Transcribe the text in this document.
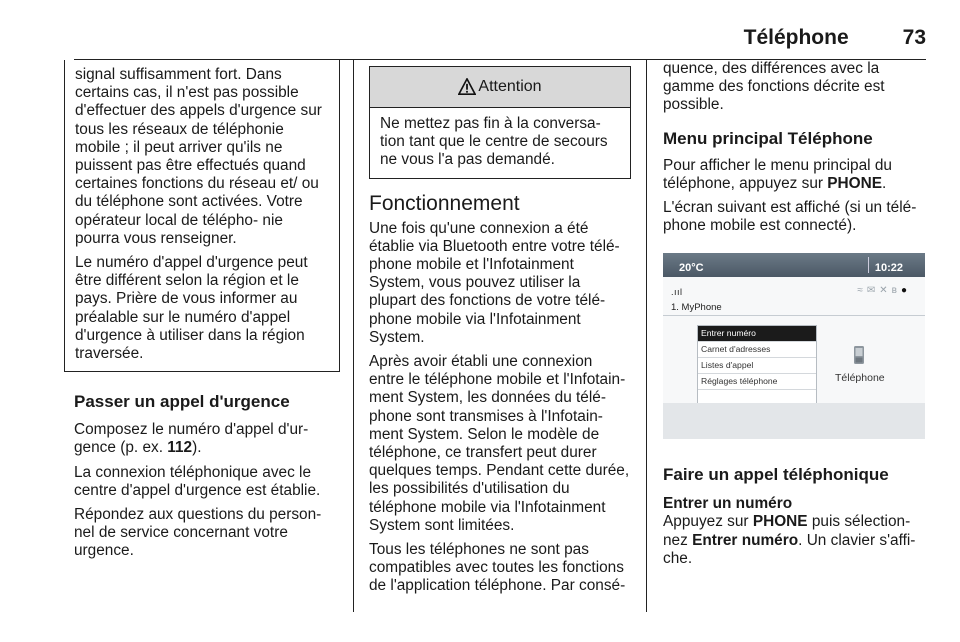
Téléphone	73

signal suffisamment fort. Dans certains cas, il n'est pas possible d'effectuer des appels d'urgence sur tous les réseaux de téléphonie mobile ; il peut arriver qu'ils ne puissent pas être effectués quand certaines fonctions du réseau et/ ou du téléphone sont activées. Votre opérateur local de télépho- nie pourra vous renseigner.

Le numéro d'appel d'urgence peut être différent selon la région et le pays. Prière de vous informer au préalable sur le numéro d'appel d'urgence à utiliser dans la région traversée.

Passer un appel d'urgence

Composez le numéro d'appel d'ur- gence (p. ex. 112).

La connexion téléphonique avec le centre d'appel d'urgence est établie.

Répondez aux questions du person- nel de service concernant votre urgence.

Attention
Ne mettez pas fin à la conversa- tion tant que le centre de secours ne vous l'a pas demandé.
Fonctionnement

Une fois qu'une connexion a été établie via Bluetooth entre votre télé- phone mobile et l'Infotainment System, vous pouvez utiliser la plupart des fonctions de votre télé- phone mobile via l'Infotainment System.

Après avoir établi une connexion entre le téléphone mobile et l'Infotain- ment System, les données du télé- phone sont transmises à l'Infotain- ment System. Selon le modèle de téléphone, ce transfert peut durer quelques temps. Pendant cette durée, les possibilités d'utilisation du téléphone mobile via l'Infotainment System sont limitées.

Tous les téléphones ne sont pas compatibles avec toutes les fonctions de l'application téléphone. Par consé-

quence, des différences avec la gamme des fonctions décrite est possible.

Menu principal Téléphone

Pour afficher le menu principal du téléphone, appuyez sur PHONE.

L'écran suivant est affiché (si un télé- phone mobile est connecté).

20°C	10:22
.ııl	≈✉✕ʙ●
1. MyPhone
Entrer numéro
Carnet d'adresses
Listes d'appel
Réglages téléphone	Téléphone
Faire un appel téléphonique
Entrer un numéro

Appuyez sur PHONE puis sélection- nez Entrer numéro. Un clavier s'affi- che.
